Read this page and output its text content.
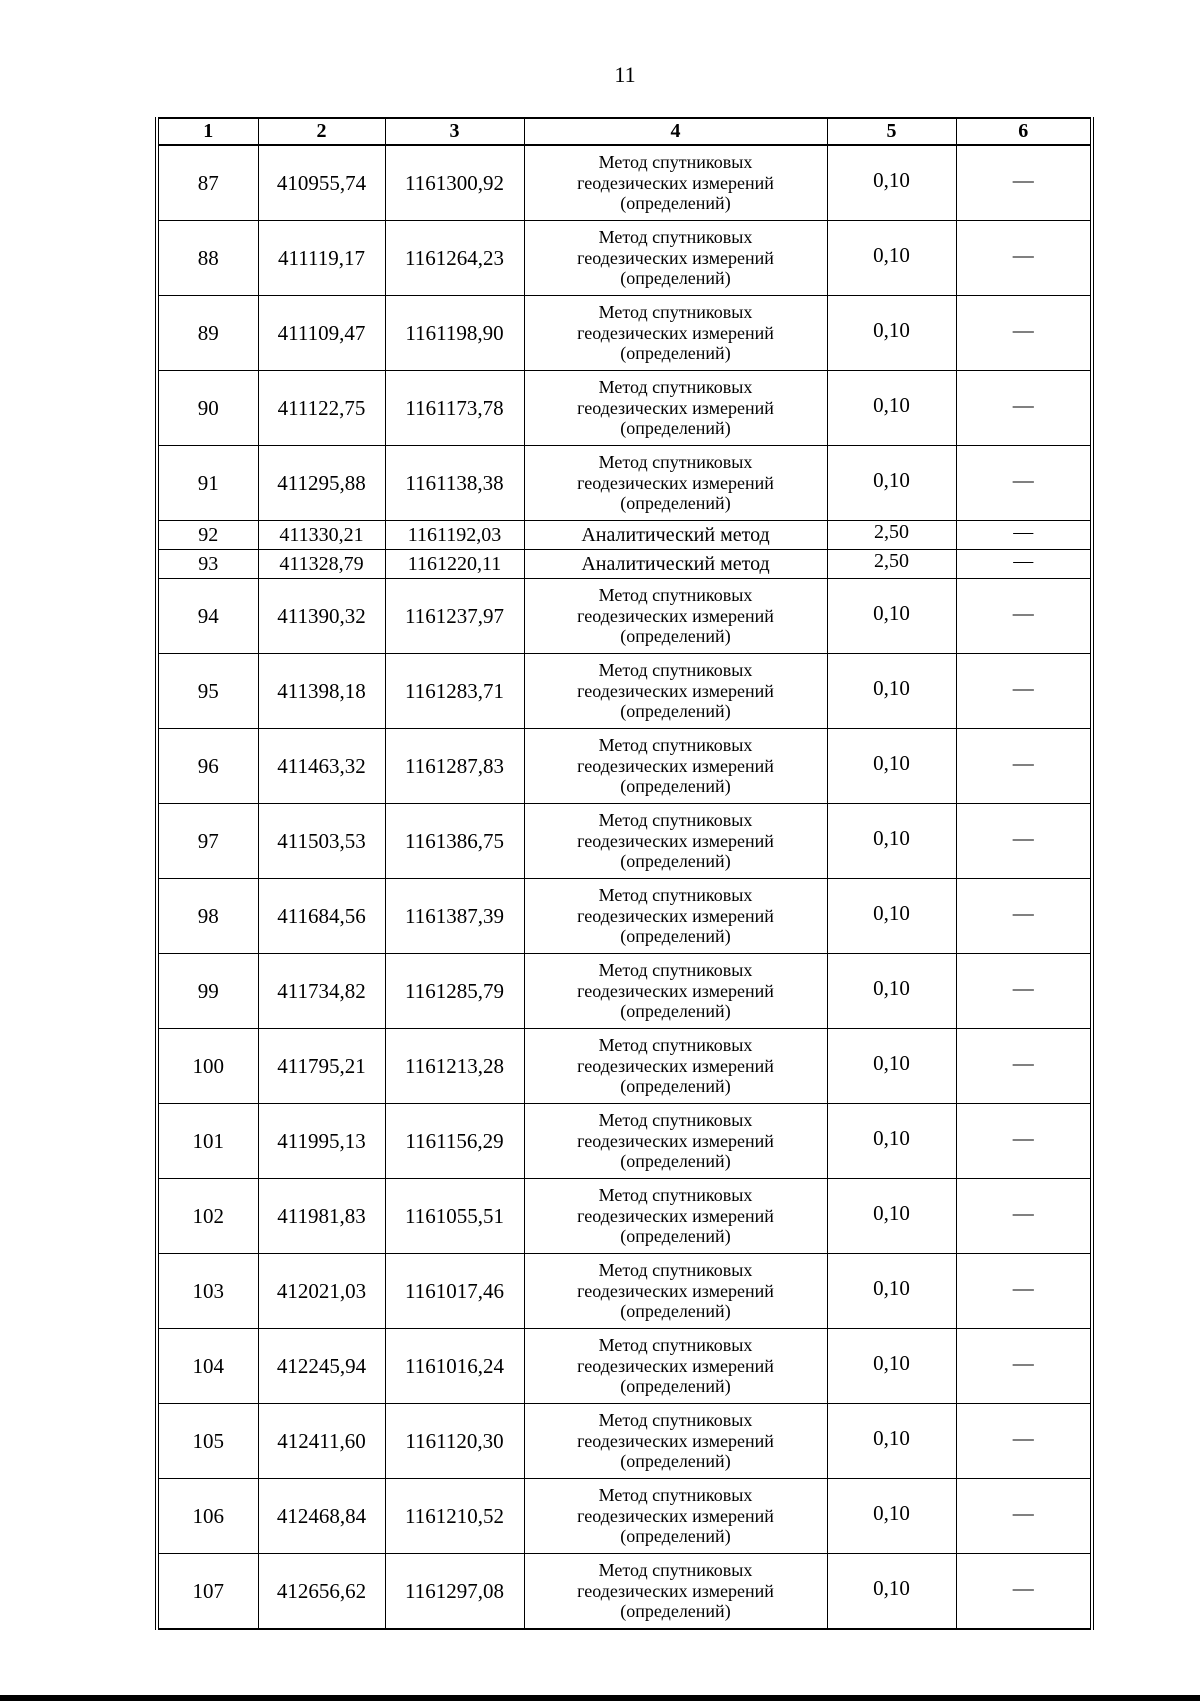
11
1	2	3	4	5	6
87	410955,74	1161300,92	Метод спутниковых
геодезических измерений
(определений)	0,10	—
88	411119,17	1161264,23	Метод спутниковых
геодезических измерений
(определений)	0,10	—
89	411109,47	1161198,90	Метод спутниковых
геодезических измерений
(определений)	0,10	—
90	411122,75	1161173,78	Метод спутниковых
геодезических измерений
(определений)	0,10	—
91	411295,88	1161138,38	Метод спутниковых
геодезических измерений
(определений)	0,10	—
92	411330,21	1161192,03	Аналитический метод	2,50	—
93	411328,79	1161220,11	Аналитический метод	2,50	—
94	411390,32	1161237,97	Метод спутниковых
геодезических измерений
(определений)	0,10	—
95	411398,18	1161283,71	Метод спутниковых
геодезических измерений
(определений)	0,10	—
96	411463,32	1161287,83	Метод спутниковых
геодезических измерений
(определений)	0,10	—
97	411503,53	1161386,75	Метод спутниковых
геодезических измерений
(определений)	0,10	—
98	411684,56	1161387,39	Метод спутниковых
геодезических измерений
(определений)	0,10	—
99	411734,82	1161285,79	Метод спутниковых
геодезических измерений
(определений)	0,10	—
100	411795,21	1161213,28	Метод спутниковых
геодезических измерений
(определений)	0,10	—
101	411995,13	1161156,29	Метод спутниковых
геодезических измерений
(определений)	0,10	—
102	411981,83	1161055,51	Метод спутниковых
геодезических измерений
(определений)	0,10	—
103	412021,03	1161017,46	Метод спутниковых
геодезических измерений
(определений)	0,10	—
104	412245,94	1161016,24	Метод спутниковых
геодезических измерений
(определений)	0,10	—
105	412411,60	1161120,30	Метод спутниковых
геодезических измерений
(определений)	0,10	—
106	412468,84	1161210,52	Метод спутниковых
геодезических измерений
(определений)	0,10	—
107	412656,62	1161297,08	Метод спутниковых
геодезических измерений
(определений)	0,10	—
